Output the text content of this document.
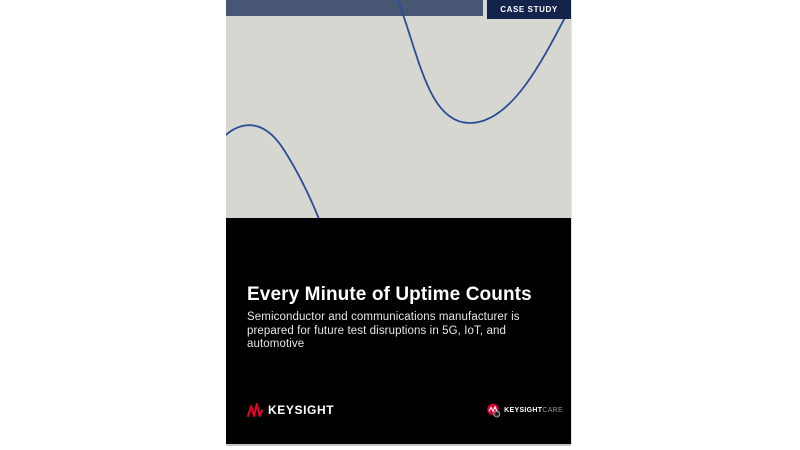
CASE STUDY
Every Minute of Uptime Counts
Semiconductor and communications manufacturer is
prepared for future test disruptions in 5G, IoT, and
automotive
KEYSIGHT	KEYSIGHTCARE
